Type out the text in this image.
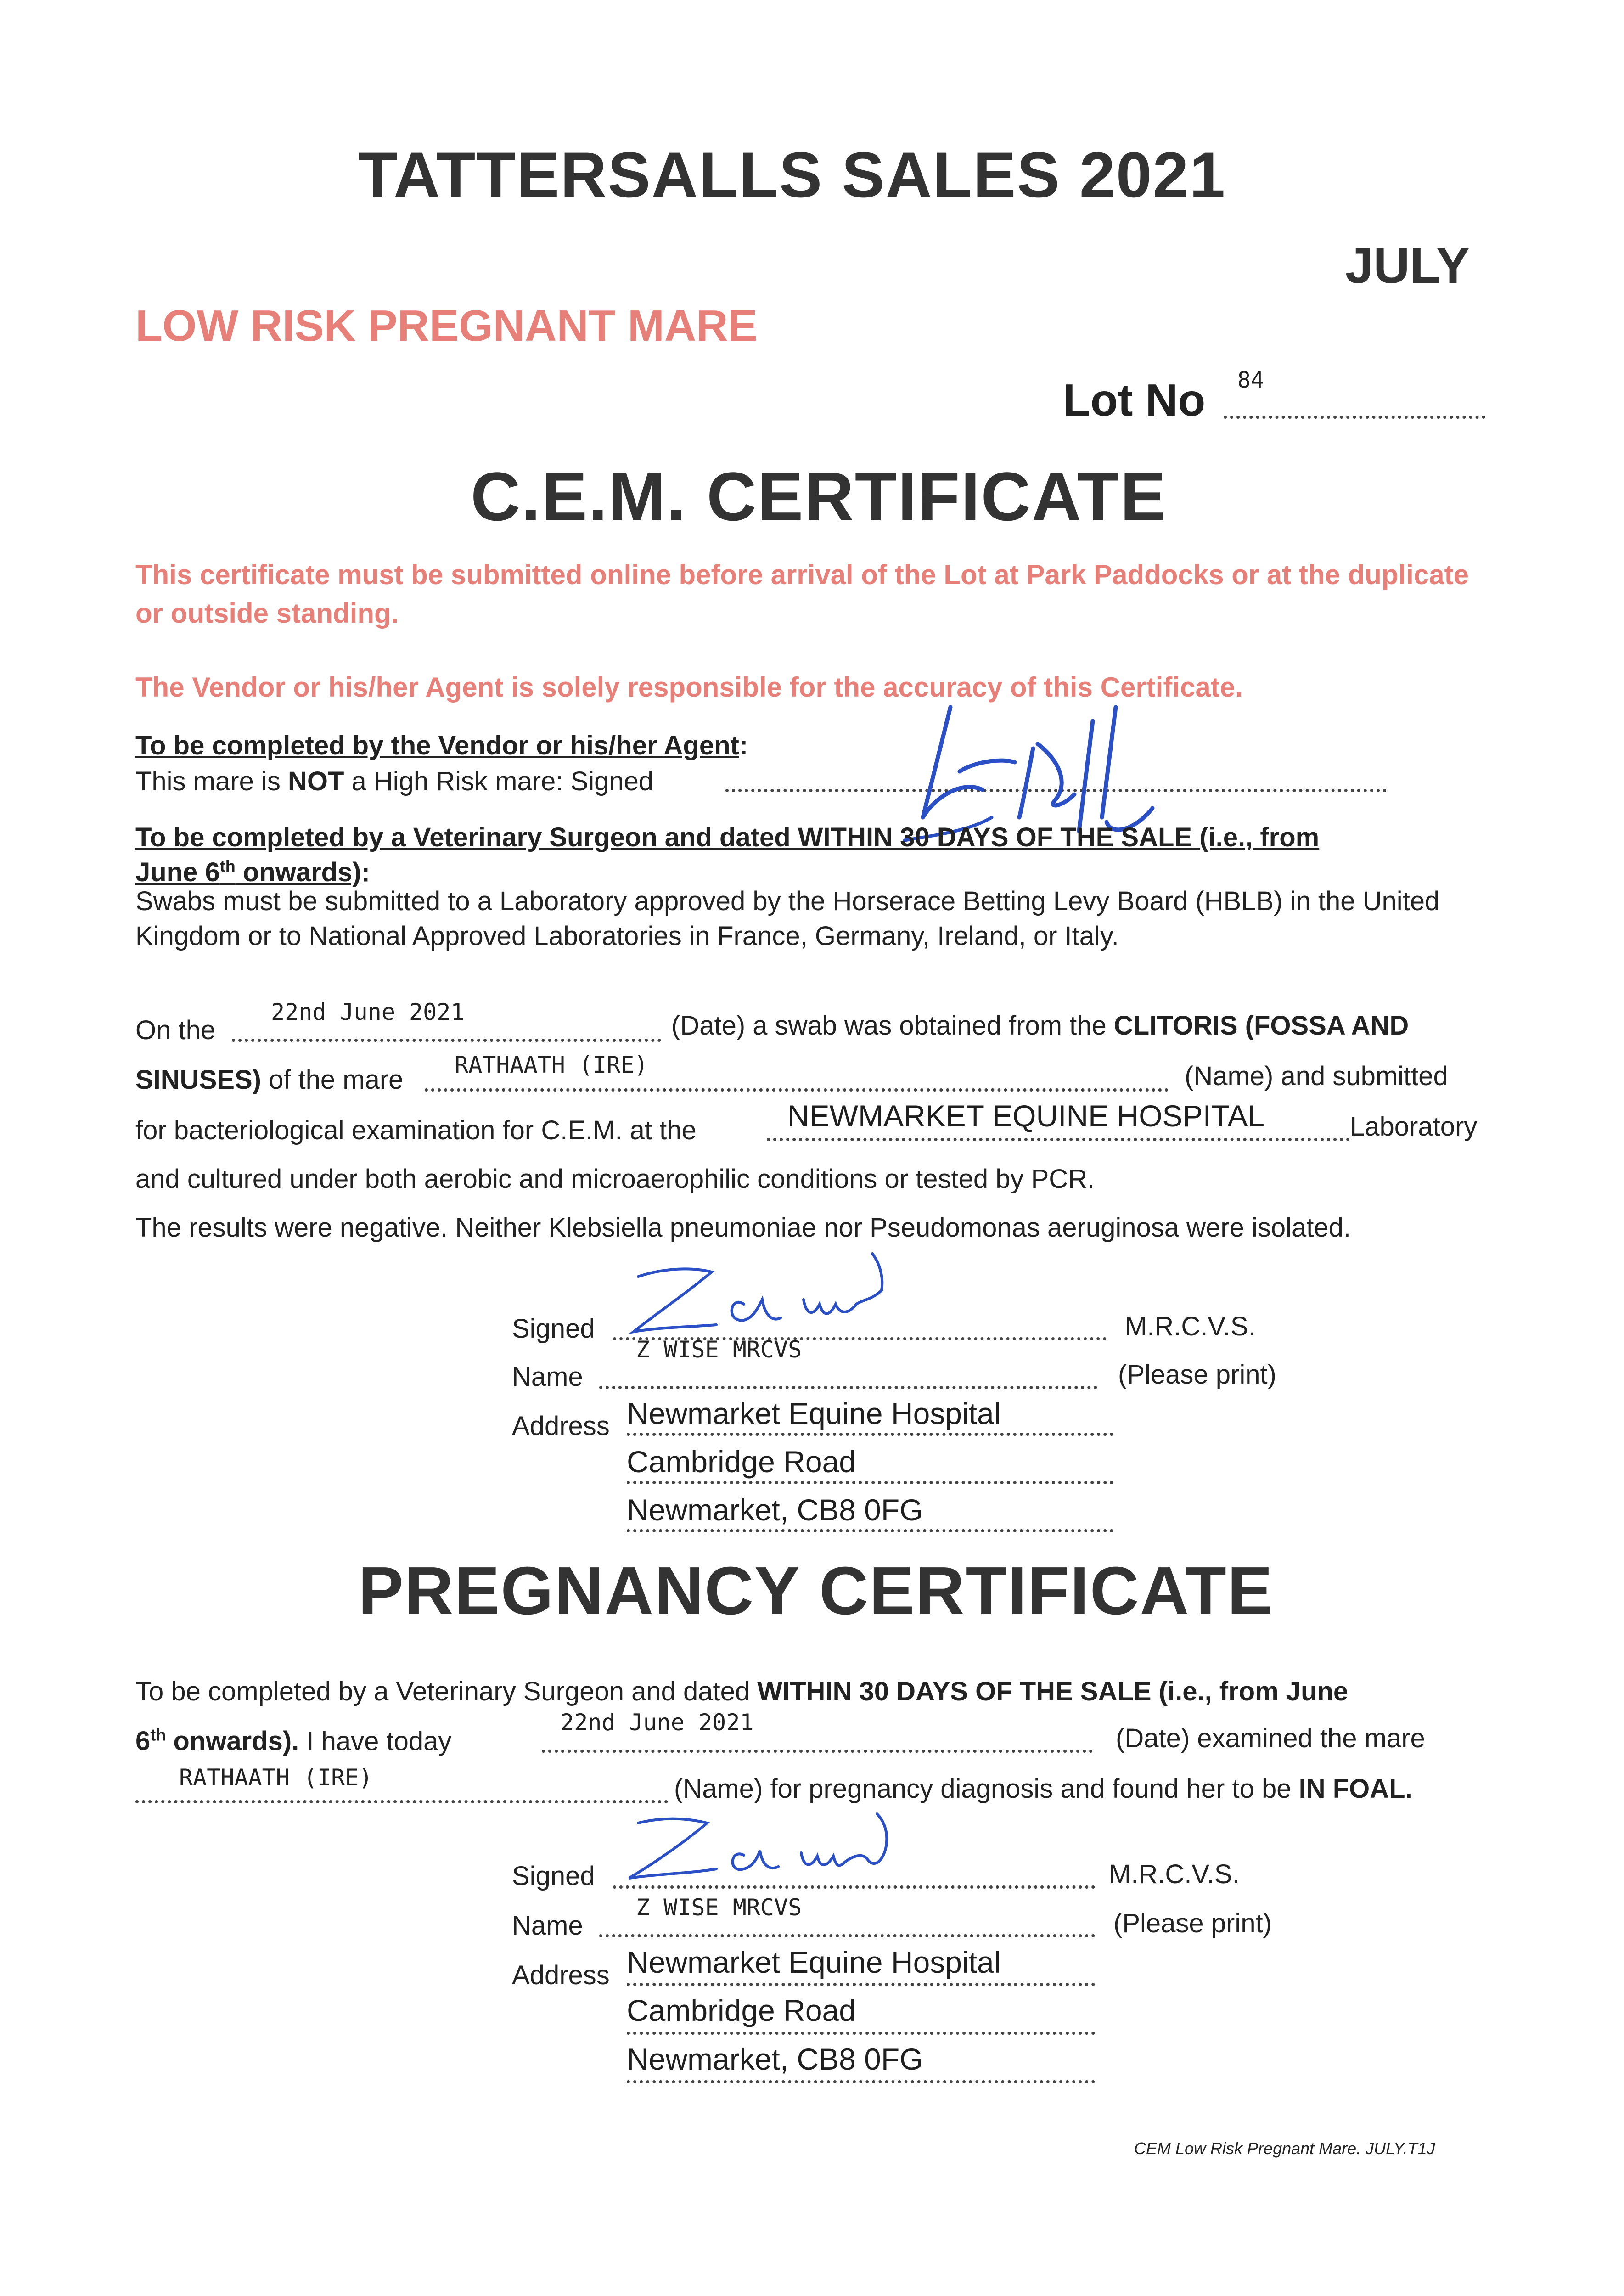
TATTERSALLS SALES 2021
JULY
LOW RISK PREGNANT MARE
Lot No 84
C.E.M. CERTIFICATE
This certificate must be submitted online before arrival of the Lot at Park Paddocks or at the duplicate or outside standing.
The Vendor or his/her Agent is solely responsible for the accuracy of this Certificate.
To be completed by the Vendor or his/her Agent:
This mare is NOT a High Risk mare: Signed
To be completed by a Veterinary Surgeon and dated WITHIN 30 DAYS OF THE SALE (i.e., from
June 6th onwards):
Swabs must be submitted to a Laboratory approved by the Horserace Betting Levy Board (HBLB) in the United Kingdom or to National Approved Laboratories in France, Germany, Ireland, or Italy.
On the
22nd June 2021	(Date) a swab was obtained from the CLITORIS (FOSSA AND
SINUSES) of the mare RATHAATH (IRE)	(Name) and submitted
for bacteriological examination for C.E.M. at the	NEWMARKET EQUINE HOSPITAL	Laboratory
and cultured under both aerobic and microaerophilic conditions or tested by PCR.
The results were negative. Neither Klebsiella pneumoniae nor Pseudomonas aeruginosa were isolated.
Signed	M.R.C.V.S.
Name
Z WISE MRCVS
(Please print)
Address Newmarket Equine Hospital
Cambridge Road
Newmarket, CB8 0FG
PREGNANCY CERTIFICATE
To be completed by a Veterinary Surgeon and dated WITHIN 30 DAYS OF THE SALE (i.e., from June
6th onwards). I have today
22nd June 2021
(Date) examined the mare
RATHAATH (IRE)	(Name) for pregnancy diagnosis and found her to be IN FOAL.
Signed	M.R.C.V.S.
Name
Z WISE MRCVS
(Please print)
Address Newmarket Equine Hospital
Cambridge Road
Newmarket, CB8 0FG
CEM Low Risk Pregnant Mare. JULY.T1J
